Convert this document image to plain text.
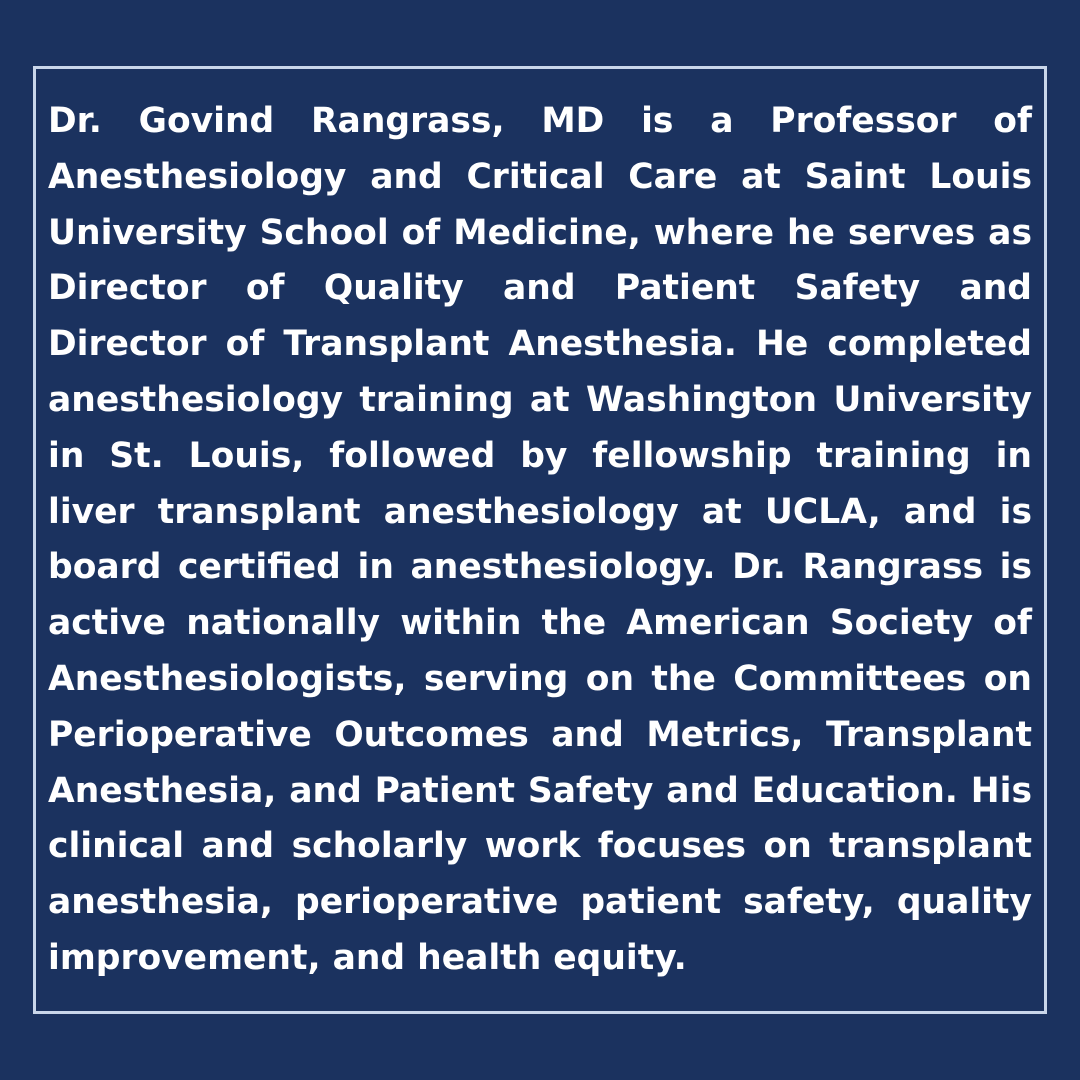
Dr. Govind Rangrass, MD is a Professor of Anesthesiology and Critical Care at Saint Louis University School of Medicine, where he serves as Director of Quality and Patient Safety and Director of Transplant Anesthesia. He completed anesthesiology training at Washington University in St. Louis, followed by fellowship training in liver transplant anesthesiology at UCLA, and is board certified in anesthesiology. Dr. Rangrass is active nationally within the American Society of Anesthesiologists, serving on the Committees on Perioperative Outcomes and Metrics, Transplant Anesthesia, and Patient Safety and Education. His clinical and scholarly work focuses on transplant anesthesia, perioperative patient safety, quality improvement, and health equity.
